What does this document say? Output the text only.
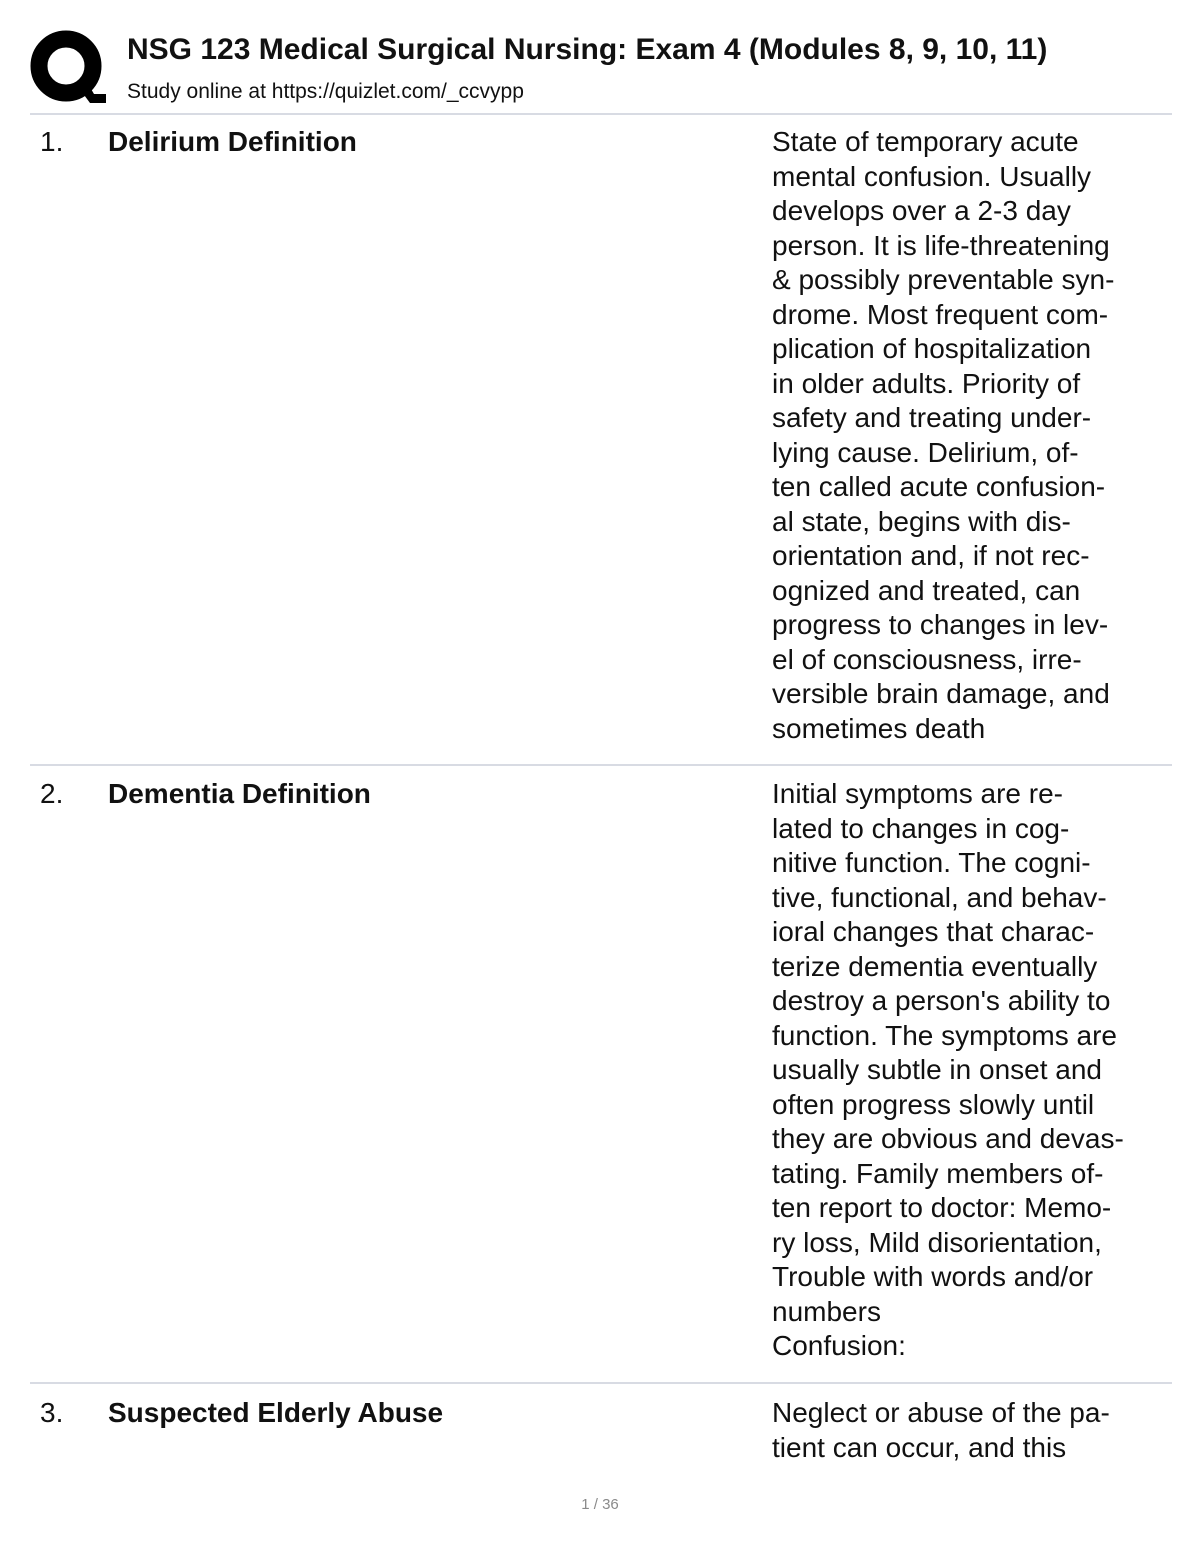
NSG 123 Medical Surgical Nursing: Exam 4 (Modules 8, 9, 10, 11)
Study online at https://quizlet.com/_ccvypp
1. Delirium Definition	State of temporary acute
mental confusion. Usually
develops over a 2-3 day
person. It is life-threatening
& possibly preventable syn-
drome. Most frequent com-
plication of hospitalization
in older adults. Priority of
safety and treating under-
lying cause. Delirium, of-
ten called acute confusion-
al state, begins with dis-
orientation and, if not rec-
ognized and treated, can
progress to changes in lev-
el of consciousness, irre-
versible brain damage, and
sometimes death
2. Dementia Definition	Initial symptoms are re-
lated to changes in cog-
nitive function. The cogni-
tive, functional, and behav-
ioral changes that charac-
terize dementia eventually
destroy a person's ability to
function. The symptoms are
usually subtle in onset and
often progress slowly until
they are obvious and devas-
tating. Family members of-
ten report to doctor: Memo-
ry loss, Mild disorientation,
Trouble with words and/or
numbers
Confusion:
3. Suspected Elderly Abuse	Neglect or abuse of the pa-
tient can occur, and this
1 / 36
